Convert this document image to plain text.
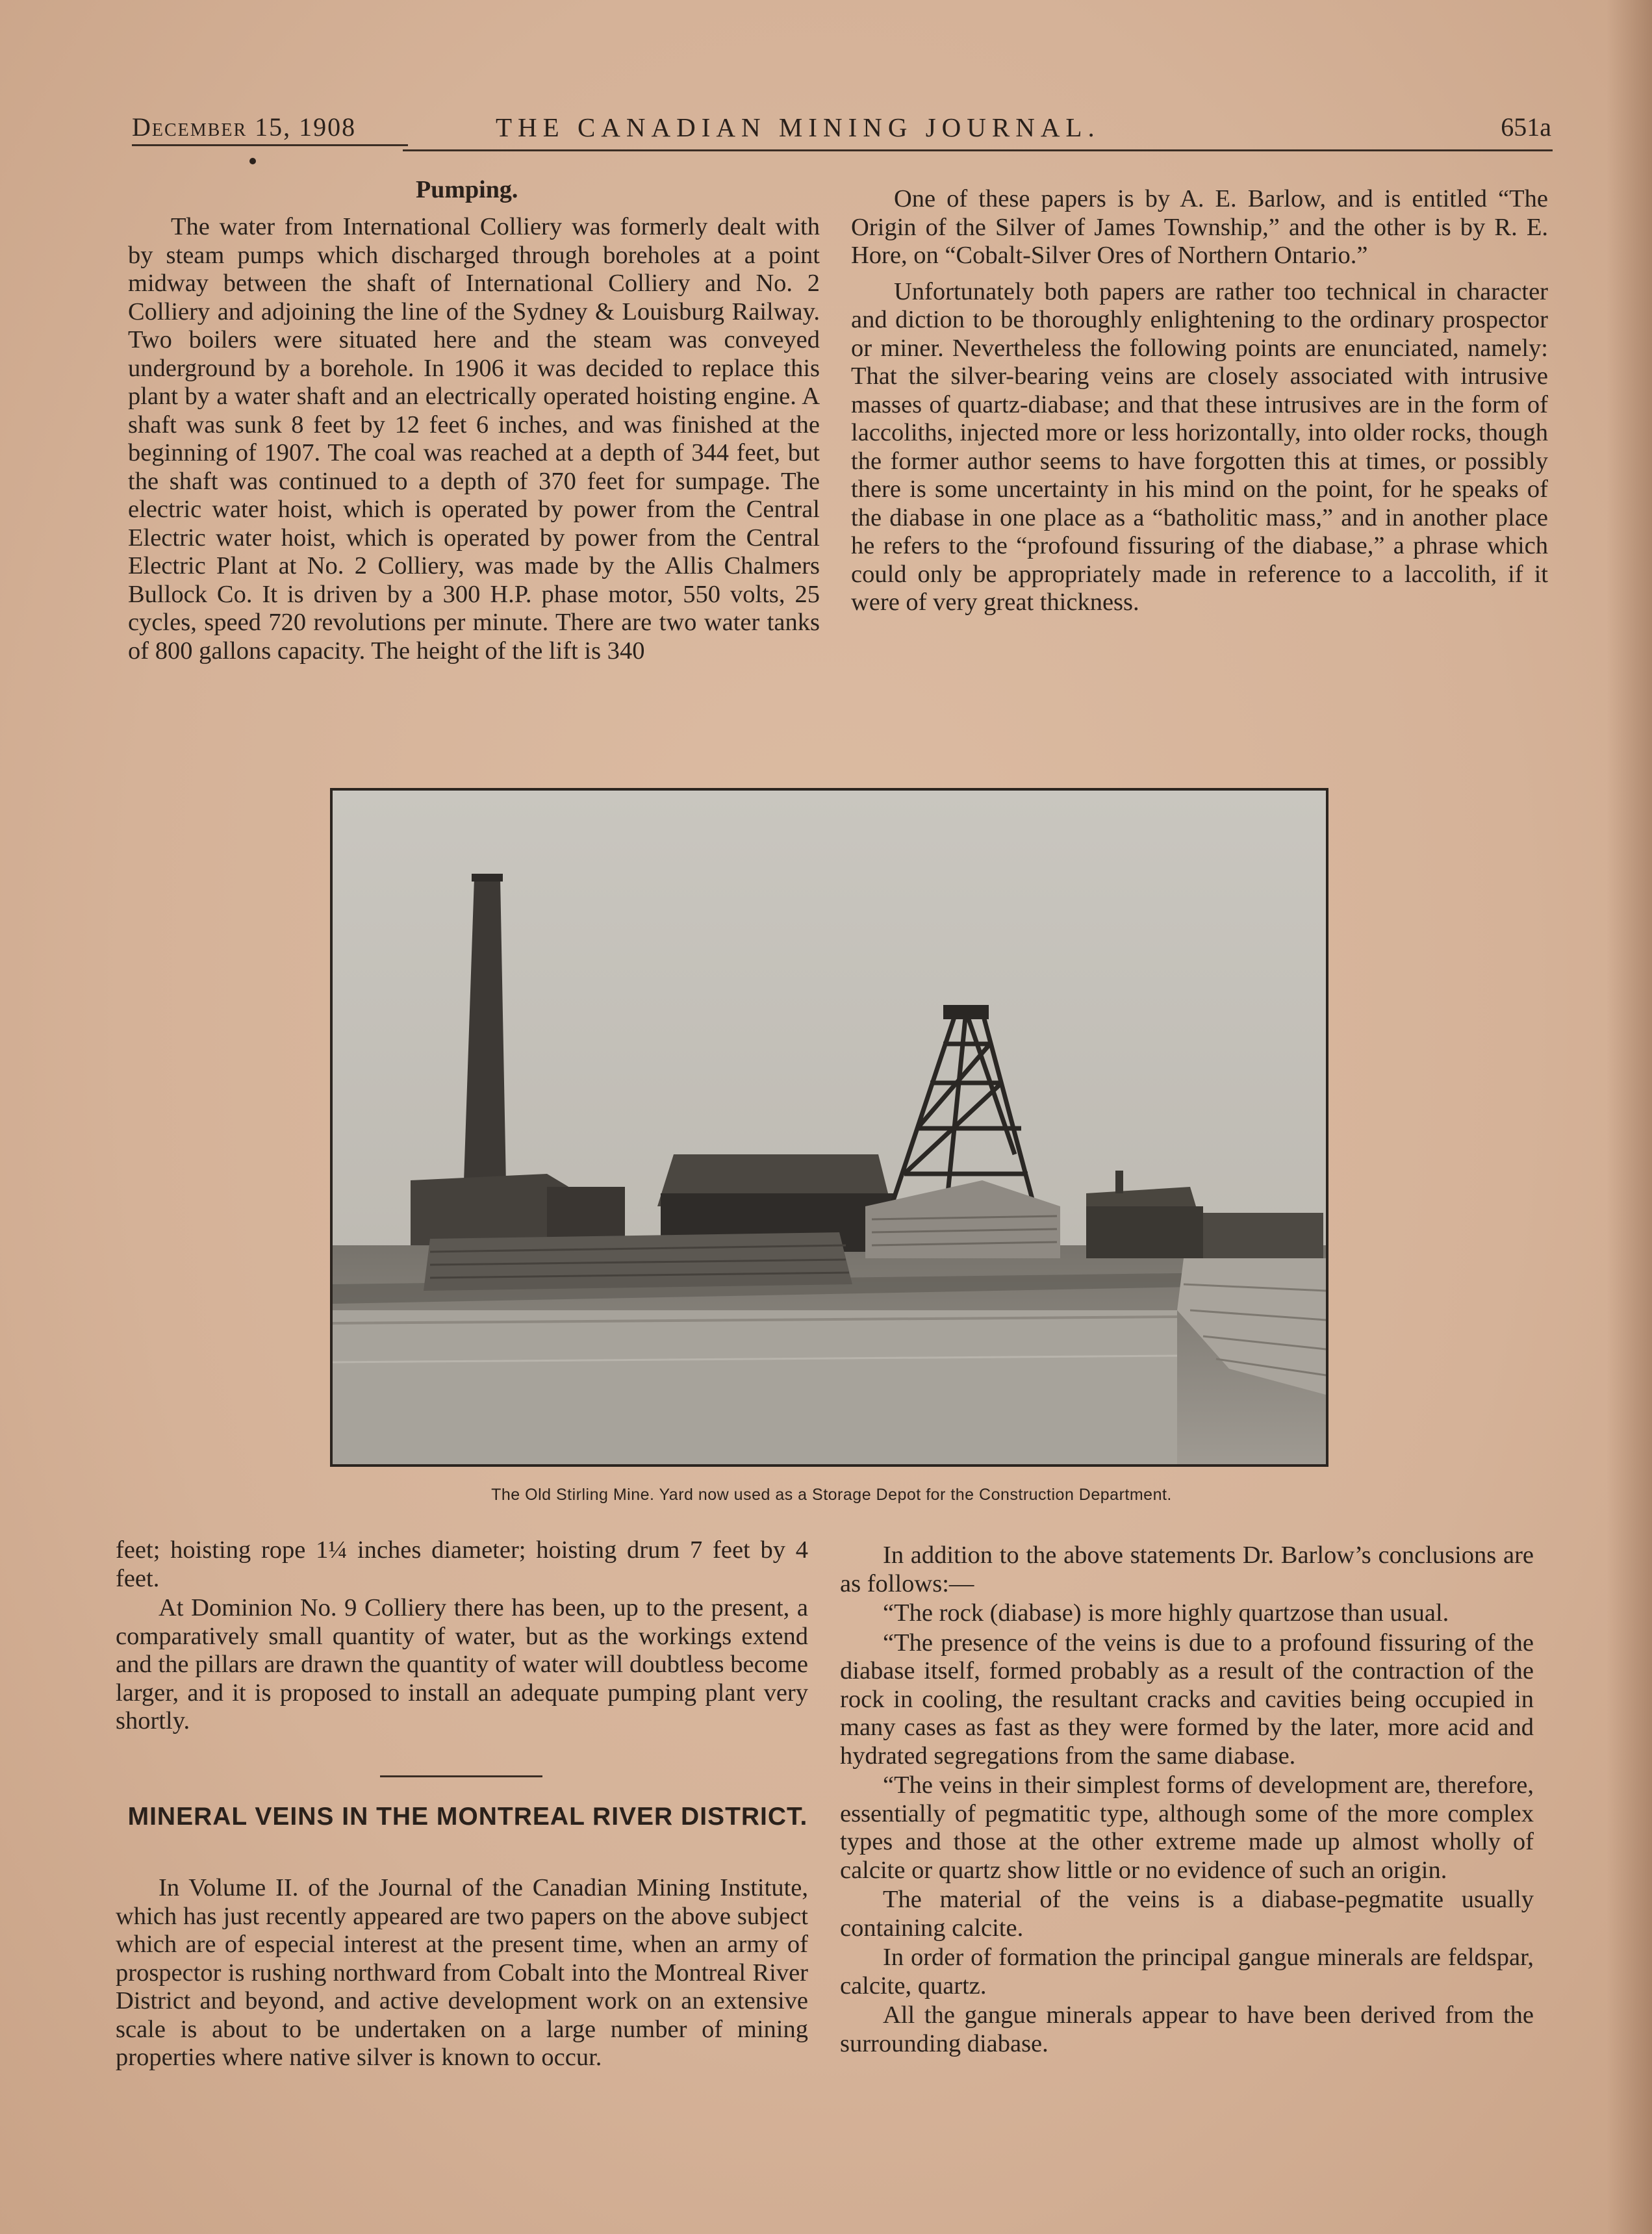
December 15, 1908	THE CANADIAN MINING JOURNAL.	651a
Pumping.

The water from International Colliery was formerly dealt with by steam pumps which discharged through boreholes at a point midway between the shaft of International Colliery and No. 2 Colliery and adjoining the line of the Sydney & Louisburg Railway. Two boilers were situated here and the steam was conveyed underground by a borehole. In 1906 it was decided to replace this plant by a water shaft and an electrically operated hoisting engine. A shaft was sunk 8 feet by 12 feet 6 inches, and was finished at the beginning of 1907. The coal was reached at a depth of 344 feet, but the shaft was continued to a depth of 370 feet for sumpage. The electric water hoist, which is operated by power from the Central Electric water hoist, which is operated by power from the Central Electric Plant at No. 2 Colliery, was made by the Allis Chalmers Bullock Co. It is driven by a 300 H.P. phase motor, 550 volts, 25 cycles, speed 720 revolutions per minute. There are two water tanks of 800 gallons capacity. The height of the lift is 340

One of these papers is by A. E. Barlow, and is entitled “The Origin of the Silver of James Township,” and the other is by R. E. Hore, on “Cobalt-Silver Ores of Northern Ontario.”

Unfortunately both papers are rather too technical in character and diction to be thoroughly enlightening to the ordinary prospector or miner. Nevertheless the following points are enunciated, namely: That the silver-bearing veins are closely associated with intrusive masses of quartz-diabase; and that these intrusives are in the form of laccoliths, injected more or less horizontally, into older rocks, though the former author seems to have forgotten this at times, or possibly there is some uncertainty in his mind on the point, for he speaks of the diabase in one place as a “batholitic mass,” and in another place he refers to the “profound fissuring of the diabase,” a phrase which could only be appropriately made in reference to a laccolith, if it were of very great thickness.

The Old Stirling Mine. Yard now used as a Storage Depot for the Construction Department.

feet; hoisting rope 1¼ inches diameter; hoisting drum 7 feet by 4 feet.

At Dominion No. 9 Colliery there has been, up to the present, a comparatively small quantity of water, but as the workings extend and the pillars are drawn the quantity of water will doubtless become larger, and it is proposed to install an adequate pumping plant very shortly.

MINERAL VEINS IN THE MONTREAL RIVER DISTRICT.

In Volume II. of the Journal of the Canadian Mining Institute, which has just recently appeared are two papers on the above subject which are of especial interest at the present time, when an army of prospector is rushing northward from Cobalt into the Montreal River District and beyond, and active development work on an extensive scale is about to be undertaken on a large number of mining properties where native silver is known to occur.

In addition to the above statements Dr. Barlow’s conclusions are as follows:—

“The rock (diabase) is more highly quartzose than usual.

“The presence of the veins is due to a profound fissuring of the diabase itself, formed probably as a result of the contraction of the rock in cooling, the resultant cracks and cavities being occupied in many cases as fast as they were formed by the later, more acid and hydrated segregations from the same diabase.

“The veins in their simplest forms of development are, therefore, essentially of pegmatitic type, although some of the more complex types and those at the other extreme made up almost wholly of calcite or quartz show little or no evidence of such an origin.

The material of the veins is a diabase-pegmatite usually containing calcite.

In order of formation the principal gangue minerals are feldspar, calcite, quartz.

All the gangue minerals appear to have been derived from the surrounding diabase.
